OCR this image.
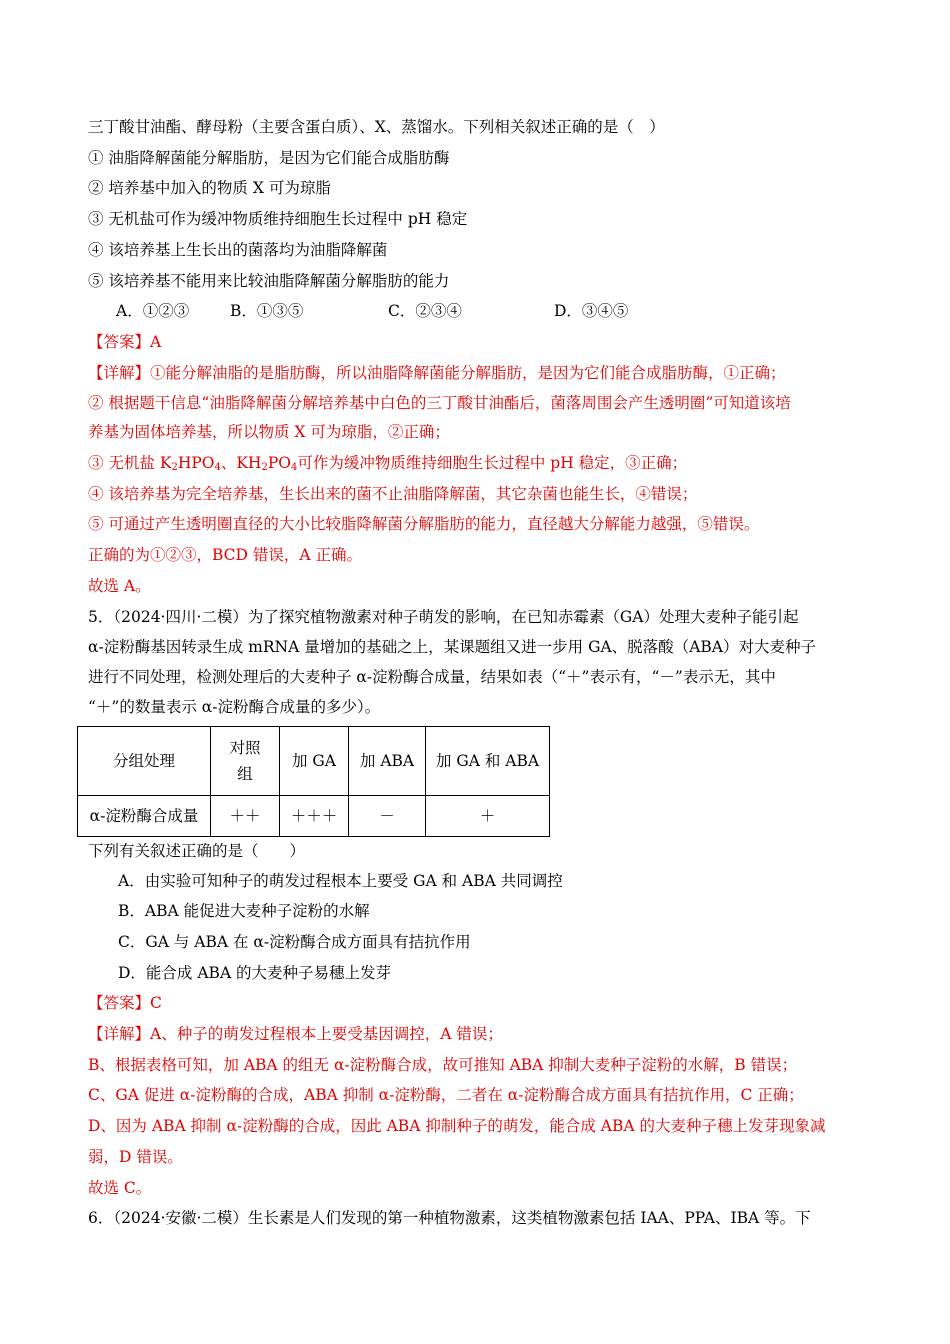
三丁酸甘油酯、酵母粉（主要含蛋白质）、X、蒸馏水。下列相关叙述正确的是（　）
① 油脂降解菌能分解脂肪，是因为它们能合成脂肪酶
② 培养基中加入的物质 X 可为琼脂
③ 无机盐可作为缓冲物质维持细胞生长过程中 pH 稳定
④ 该培养基上生长出的菌落均为油脂降解菌
⑤ 该培养基不能用来比较油脂降解菌分解脂肪的能力
A．①②③	B．①③⑤	C．②③④	D．③④⑤
【答案】A
【详解】①能分解油脂的是脂肪酶，所以油脂降解菌能分解脂肪，是因为它们能合成脂肪酶，①正确；
② 根据题干信息“油脂降解菌分解培养基中白色的三丁酸甘油酯后，菌落周围会产生透明圈”可知道该培
养基为固体培养基，所以物质 X 可为琼脂，②正确；
③ 无机盐 $K_2HPO_4$、$KH_2PO_4$可作为缓冲物质维持细胞生长过程中 pH 稳定，③正确；
④ 该培养基为完全培养基，生长出来的菌不止油脂降解菌，其它杂菌也能生长，④错误；
⑤ 可通过产生透明圈直径的大小比较脂降解菌分解脂肪的能力，直径越大分解能力越强，⑤错误。
正确的为①②③，BCD 错误，A 正确。
故选 A。
5．（2024·四川·二模）为了探究植物激素对种子萌发的影响，在已知赤霉素（GA）处理大麦种子能引起
α-淀粉酶基因转录生成 mRNA 量增加的基础之上，某课题组又进一步用 GA、脱落酸（ABA）对大麦种子
进行不同处理，检测处理后的大麦种子 α-淀粉酶合成量，结果如表（“＋”表示有，“－”表示无，其中
“＋”的数量表示 α-淀粉酶合成量的多少）。
分组处理	对照
组	加 GA	加 ABA	加 GA 和 ABA
α-淀粉酶合成量	＋＋	＋＋＋	－	＋
下列有关叙述正确的是（　　）
A．由实验可知种子的萌发过程根本上要受 GA 和 ABA 共同调控
B．ABA 能促进大麦种子淀粉的水解
C．GA 与 ABA 在 α-淀粉酶合成方面具有拮抗作用
D．能合成 ABA 的大麦种子易穗上发芽
【答案】C
【详解】A、种子的萌发过程根本上要受基因调控，A 错误；
B、根据表格可知，加 ABA 的组无 α-淀粉酶合成，故可推知 ABA 抑制大麦种子淀粉的水解，B 错误；
C、GA 促进 α-淀粉酶的合成，ABA 抑制 α-淀粉酶，二者在 α-淀粉酶合成方面具有拮抗作用，C 正确；
D、因为 ABA 抑制 α-淀粉酶的合成，因此 ABA 抑制种子的萌发，能合成 ABA 的大麦种子穗上发芽现象减
弱，D 错误。
故选 C。
6．（2024·安徽·二模）生长素是人们发现的第一种植物激素，这类植物激素包括 IAA、PPA、IBA 等。下
